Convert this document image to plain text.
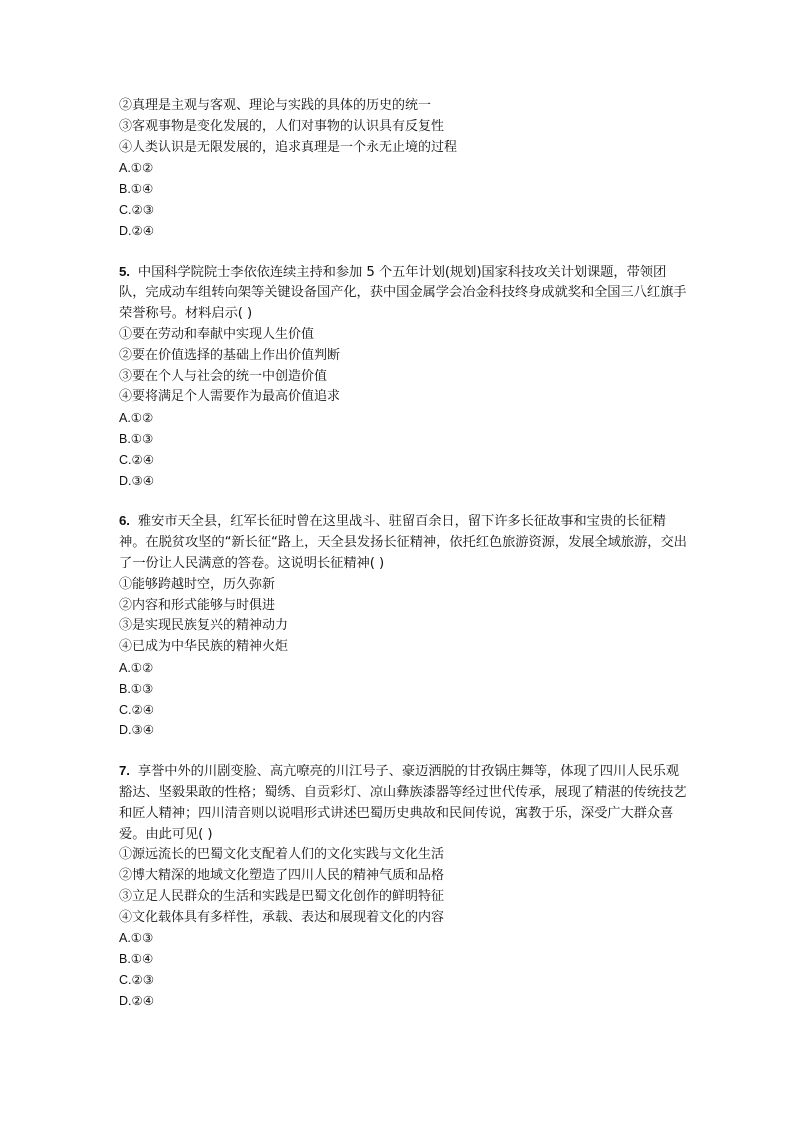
②真理是主观与客观、理论与实践的具体的历史的统一
③客观事物是变化发展的，人们对事物的认识具有反复性
④人类认识是无限发展的，追求真理是一个永无止境的过程
A.①②
B.①④
C.②③
D.②④
5. 中国科学院院士李依依连续主持和参加 5 个五年计划(规划)国家科技攻关计划课题，带领团队，完成动车组转向架等关键设备国产化，获中国金属学会冶金科技终身成就奖和全国三八红旗手荣誉称号。材料启示( )
①要在劳动和奉献中实现人生价值
②要在价值选择的基础上作出价值判断
③要在个人与社会的统一中创造价值
④要将满足个人需要作为最高价值追求
A.①②
B.①③
C.②④
D.③④
6. 雅安市天全县，红军长征时曾在这里战斗、驻留百余日，留下许多长征故事和宝贵的长征精神。在脱贫攻坚的“新长征“路上，天全县发扬长征精神，依托红色旅游资源，发展全域旅游，交出了一份让人民满意的答卷。这说明长征精神( )
①能够跨越时空，历久弥新
②内容和形式能够与时俱进
③是实现民族复兴的精神动力
④已成为中华民族的精神火炬
A.①②
B.①③
C.②④
D.③④
7. 享誉中外的川剧变脸、高亢嘹亮的川江号子、豪迈洒脱的甘孜锅庄舞等，体现了四川人民乐观豁达、坚毅果敢的性格；蜀绣、自贡彩灯、凉山彝族漆器等经过世代传承，展现了精湛的传统技艺和匠人精神；四川清音则以说唱形式讲述巴蜀历史典故和民间传说，寓教于乐，深受广大群众喜爱。由此可见( )
①源远流长的巴蜀文化支配着人们的文化实践与文化生活
②博大精深的地域文化塑造了四川人民的精神气质和品格
③立足人民群众的生活和实践是巴蜀文化创作的鲜明特征
④文化载体具有多样性，承载、表达和展现着文化的内容
A.①③
B.①④
C.②③
D.②④
